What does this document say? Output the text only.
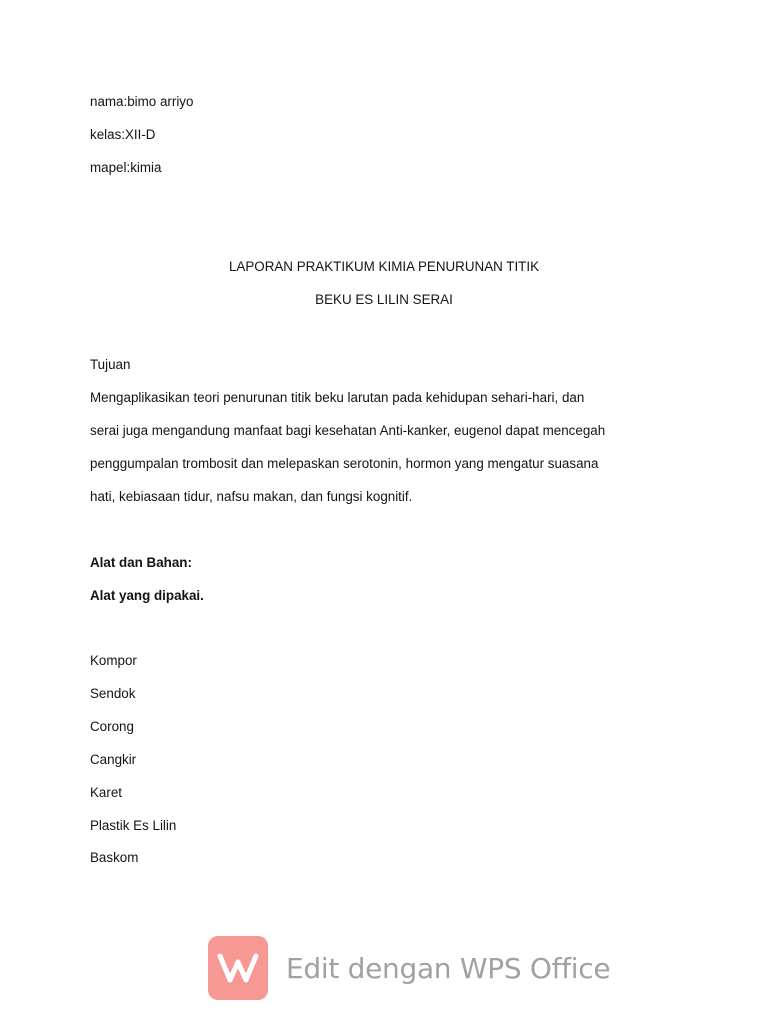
nama:bimo arriyo
kelas:XII-D
mapel:kimia
LAPORAN PRAKTIKUM KIMIA PENURUNAN TITIK
BEKU ES LILIN SERAI
Tujuan
Mengaplikasikan teori penurunan titik beku larutan pada kehidupan sehari-hari, dan
serai juga mengandung manfaat bagi kesehatan Anti-kanker, eugenol dapat mencegah
penggumpalan trombosit dan melepaskan serotonin, hormon yang mengatur suasana
hati, kebiasaan tidur, nafsu makan, dan fungsi kognitif.
Alat dan Bahan:
Alat yang dipakai.
Kompor
Sendok
Corong
Cangkir
Karet
Plastik Es Lilin
Baskom
Edit dengan WPS Office
